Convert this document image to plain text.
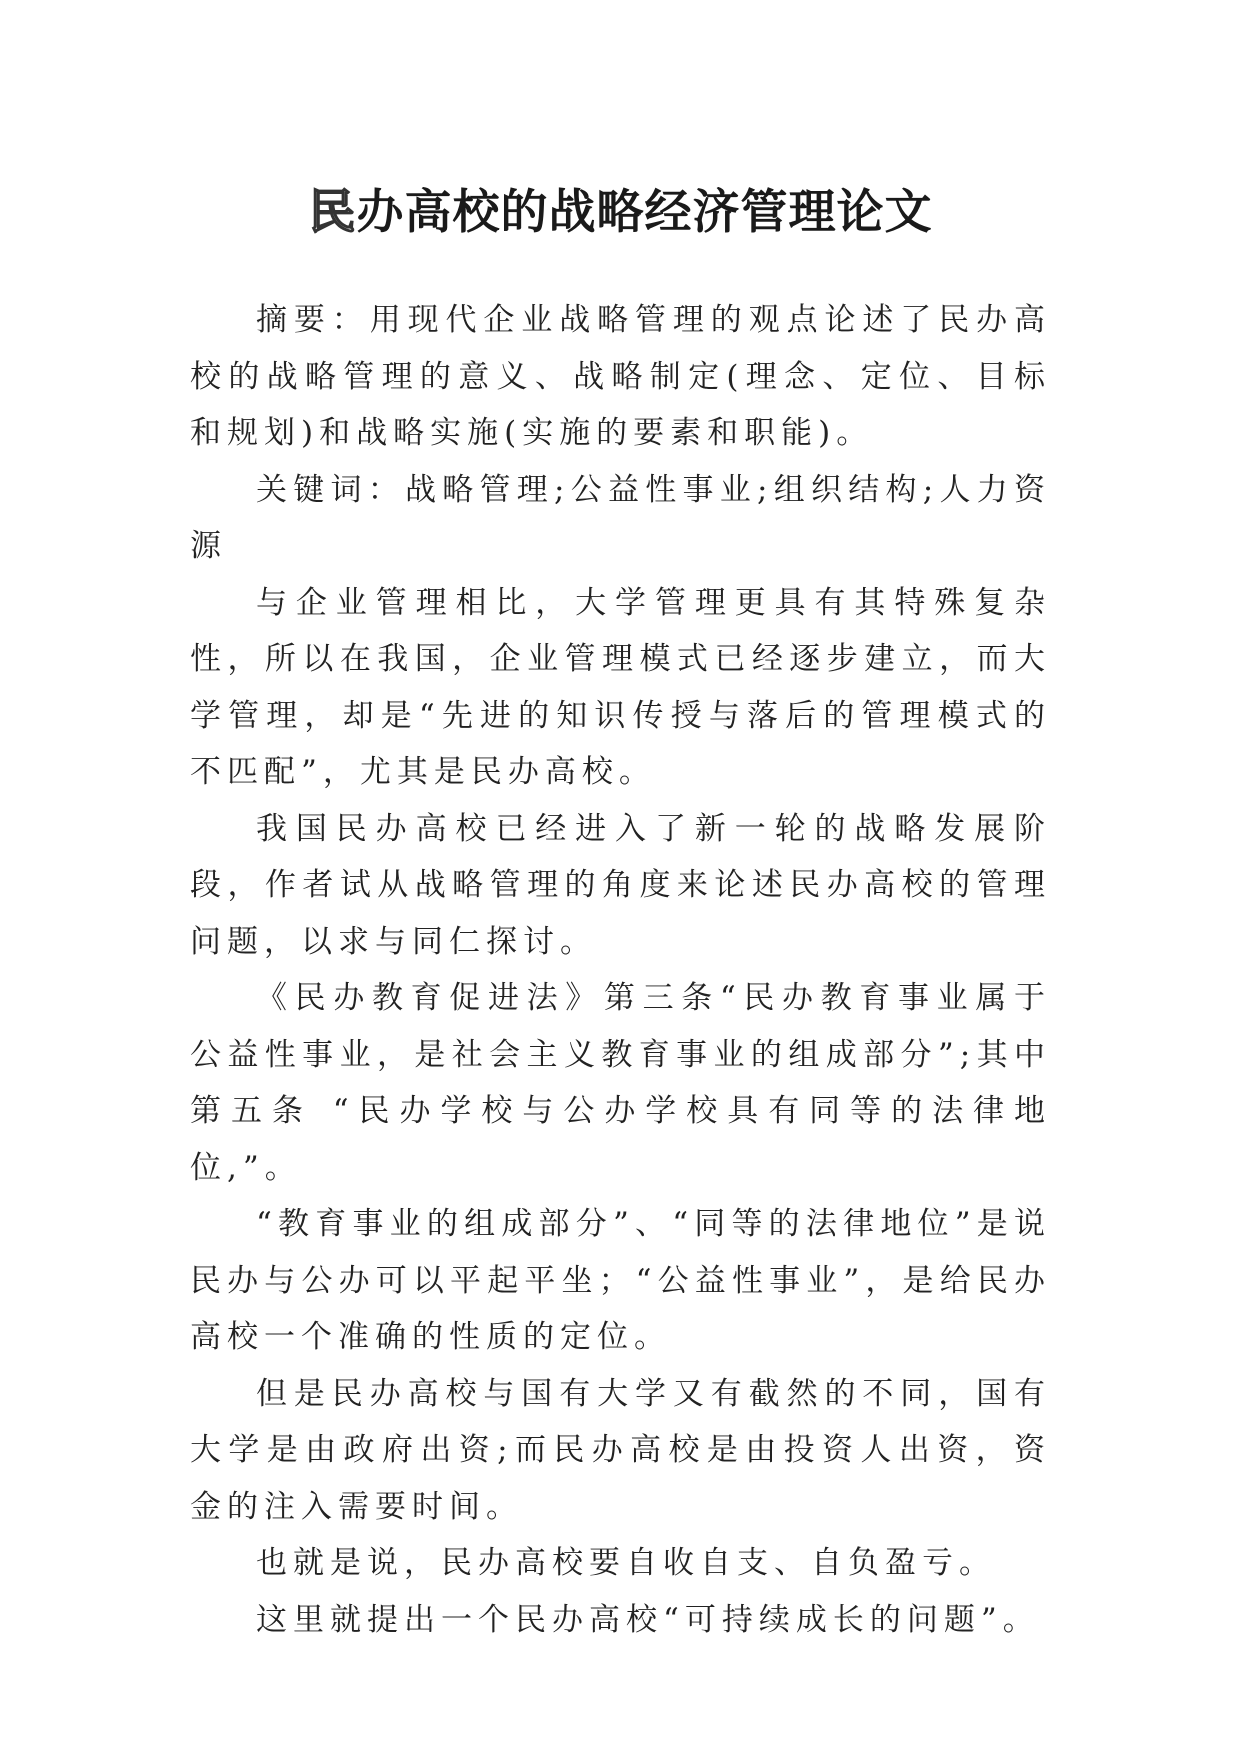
民办高校的战略经济管理论文

摘要：用现代企业战略管理的观点论述了民办高校的战略管理的意义、战略制定(理念、定位、目标和规划)和战略实施(实施的要素和职能)。

关键词：战略管理;公益性事业;组织结构;人力资源

与企业管理相比，大学管理更具有其特殊复杂性，所以在我国，企业管理模式已经逐步建立，而大学管理，却是“先进的知识传授与落后的管理模式的不匹配”，尤其是民办高校。

我国民办高校已经进入了新一轮的战略发展阶段，作者试从战略管理的角度来论述民办高校的管理问题，以求与同仁探讨。

《民办教育促进法》第三条“民办教育事业属于公益性事业，是社会主义教育事业的组成部分”;其中第五条 “民办学校与公办学校具有同等的法律地位,”。

“教育事业的组成部分”、“同等的法律地位”是说民办与公办可以平起平坐；“公益性事业”，是给民办高校一个准确的性质的定位。

但是民办高校与国有大学又有截然的不同，国有大学是由政府出资;而民办高校是由投资人出资，资金的注入需要时间。

也就是说，民办高校要自收自支、自负盈亏。

这里就提出一个民办高校“可持续成长的问题”。
